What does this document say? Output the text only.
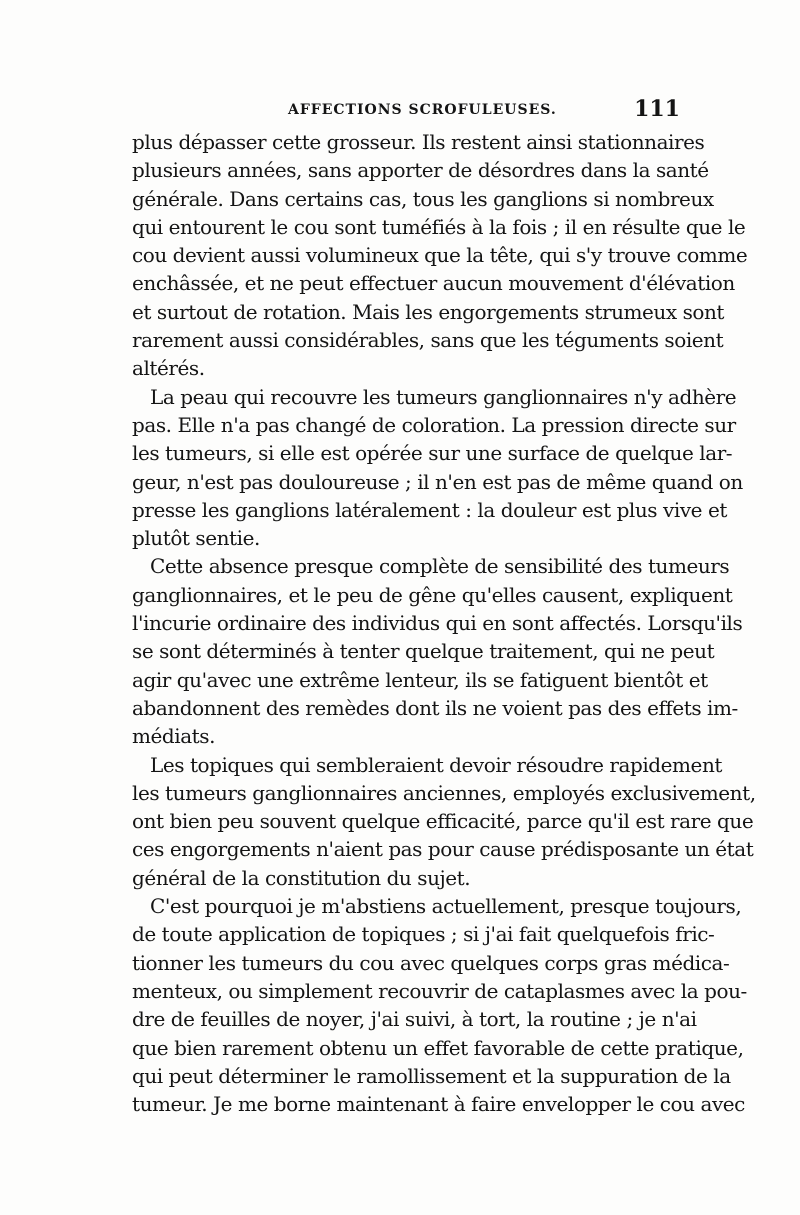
AFFECTIONS SCROFULEUSES.	111
plus dépasser cette grosseur. Ils restent ainsi stationnaires
plusieurs années, sans apporter de désordres dans la santé
générale. Dans certains cas, tous les ganglions si nombreux
qui entourent le cou sont tuméfiés à la fois ; il en résulte que le
cou devient aussi volumineux que la tête, qui s'y trouve comme
enchâssée, et ne peut effectuer aucun mouvement d'élévation
et surtout de rotation. Mais les engorgements strumeux sont
rarement aussi considérables, sans que les téguments soient
altérés.
La peau qui recouvre les tumeurs ganglionnaires n'y adhère
pas. Elle n'a pas changé de coloration. La pression directe sur
les tumeurs, si elle est opérée sur une surface de quelque lar-
geur, n'est pas douloureuse ; il n'en est pas de même quand on
presse les ganglions latéralement : la douleur est plus vive et
plutôt sentie.
Cette absence presque complète de sensibilité des tumeurs
ganglionnaires, et le peu de gêne qu'elles causent, expliquent
l'incurie ordinaire des individus qui en sont affectés. Lorsqu'ils
se sont déterminés à tenter quelque traitement, qui ne peut
agir qu'avec une extrême lenteur, ils se fatiguent bientôt et
abandonnent des remèdes dont ils ne voient pas des effets im-
médiats.
Les topiques qui sembleraient devoir résoudre rapidement
les tumeurs ganglionnaires anciennes, employés exclusivement,
ont bien peu souvent quelque efficacité, parce qu'il est rare que
ces engorgements n'aient pas pour cause prédisposante un état
général de la constitution du sujet.
C'est pourquoi je m'abstiens actuellement, presque toujours,
de toute application de topiques ; si j'ai fait quelquefois fric-
tionner les tumeurs du cou avec quelques corps gras médica-
menteux, ou simplement recouvrir de cataplasmes avec la pou-
dre de feuilles de noyer, j'ai suivi, à tort, la routine ; je n'ai
que bien rarement obtenu un effet favorable de cette pratique,
qui peut déterminer le ramollissement et la suppuration de la
tumeur. Je me borne maintenant à faire envelopper le cou avec
